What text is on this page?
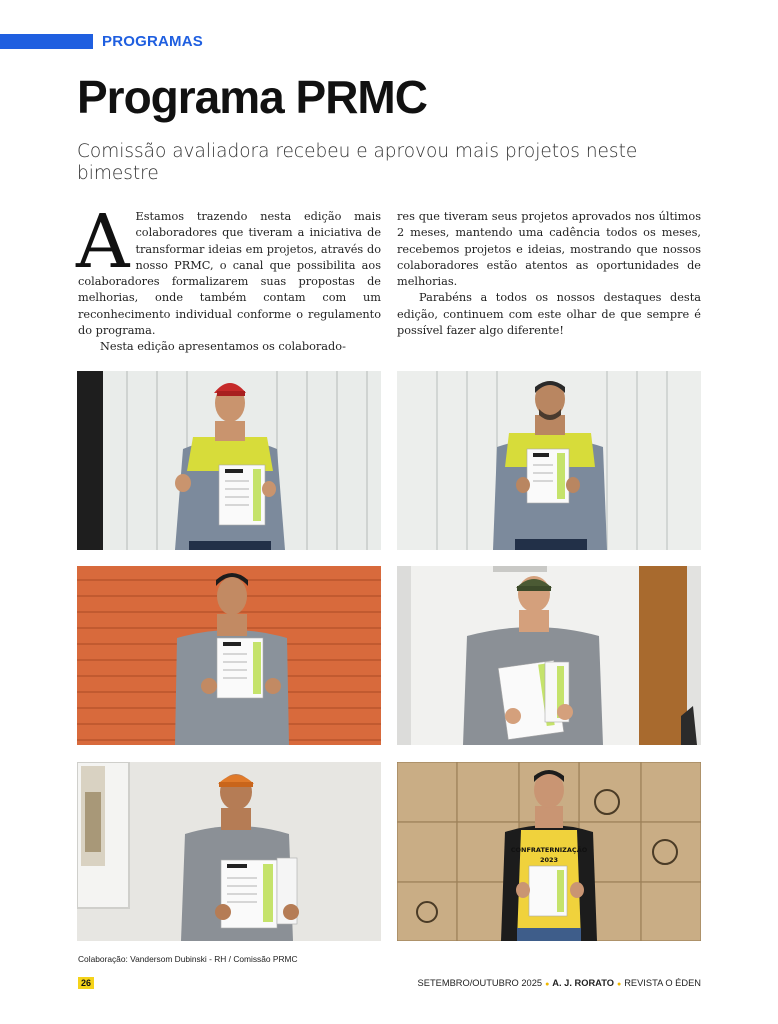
PROGRAMAS
Programa PRMC

Comissão avaliadora recebeu e aprovou mais projetos neste bimestre

A Estamos trazendo nesta edição mais colaboradores que tiveram a iniciativa de transformar ideias em projetos, através do nosso PRMC, o canal que possibilita aos colaboradores formalizarem suas propostas de melhorias, onde também contam com um reconhecimento individual conforme o regulamento do programa.

Nesta edição apresentamos os colaborado-

res que tiveram seus projetos aprovados nos últimos 2 meses, mantendo uma cadência todos os meses, recebemos projetos e ideias, mostrando que nossos colaboradores estão atentos as oportunidades de melhorias.

Parabéns a todos os nossos destaques desta edição, continuem com este olhar de que sempre é possível fazer algo diferente!

CONFRATERNIZAÇÃO
2023
Colaboração: Vandersom Dubinski - RH / Comissão PRMC
26	SETEMBRO/OUTUBRO 2025 ● A. J. RORATO ● REVISTA O ÉDEN
